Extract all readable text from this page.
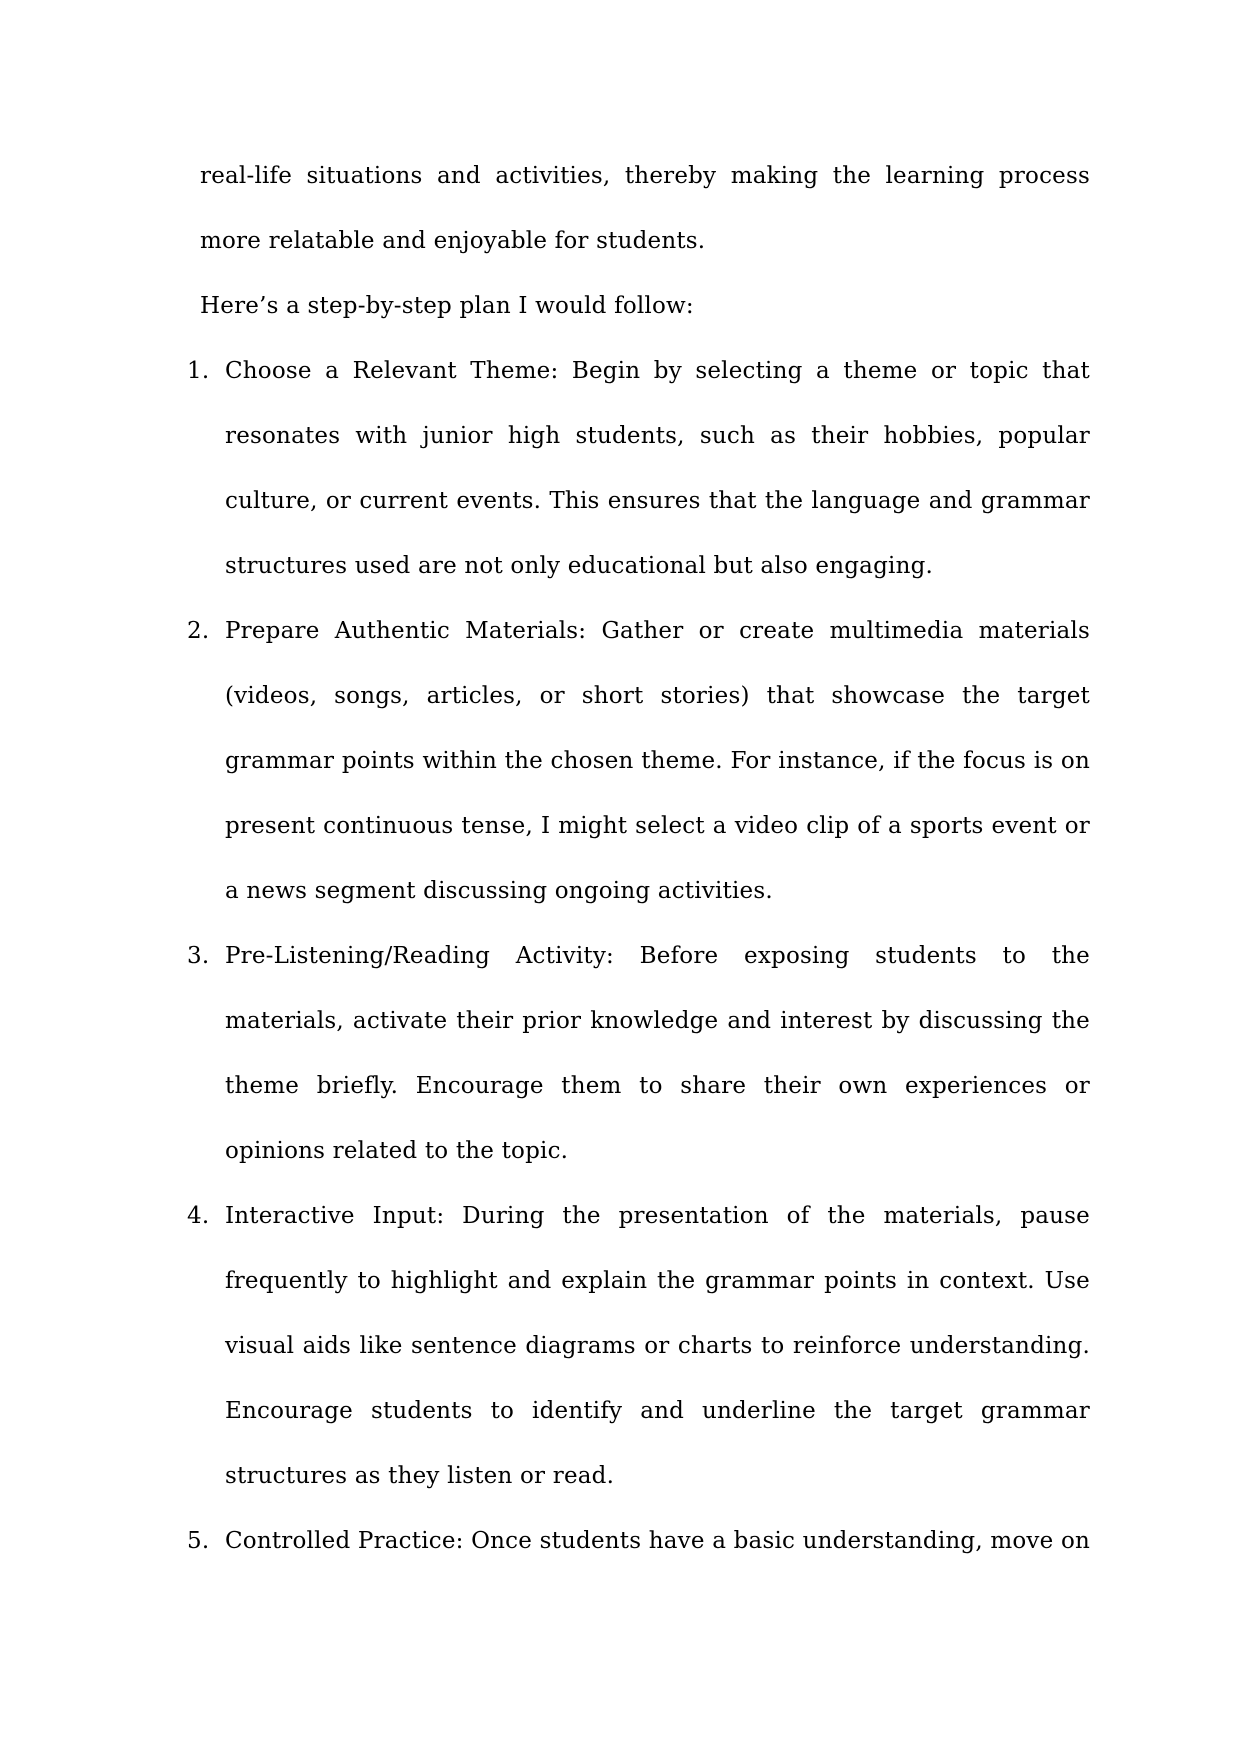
real-life situations and activities, thereby making the learning process more relatable and enjoyable for students.

Here’s a step-by-step plan I would follow:

1. Choose a Relevant Theme: Begin by selecting a theme or topic that resonates with junior high students, such as their hobbies, popular culture, or current events. This ensures that the language and grammar structures used are not only educational but also engaging.
2. Prepare Authentic Materials: Gather or create multimedia materials (videos, songs, articles, or short stories) that showcase the target grammar points within the chosen theme. For instance, if the focus is on present continuous tense, I might select a video clip of a sports event or a news segment discussing ongoing activities.
3. Pre-Listening/Reading Activity: Before exposing students to the materials, activate their prior knowledge and interest by discussing the theme briefly. Encourage them to share their own experiences or opinions related to the topic.
4. Interactive Input: During the presentation of the materials, pause frequently to highlight and explain the grammar points in context. Use visual aids like sentence diagrams or charts to reinforce understanding. Encourage students to identify and underline the target grammar structures as they listen or read.
5. Controlled Practice: Once students have a basic understanding, move on
